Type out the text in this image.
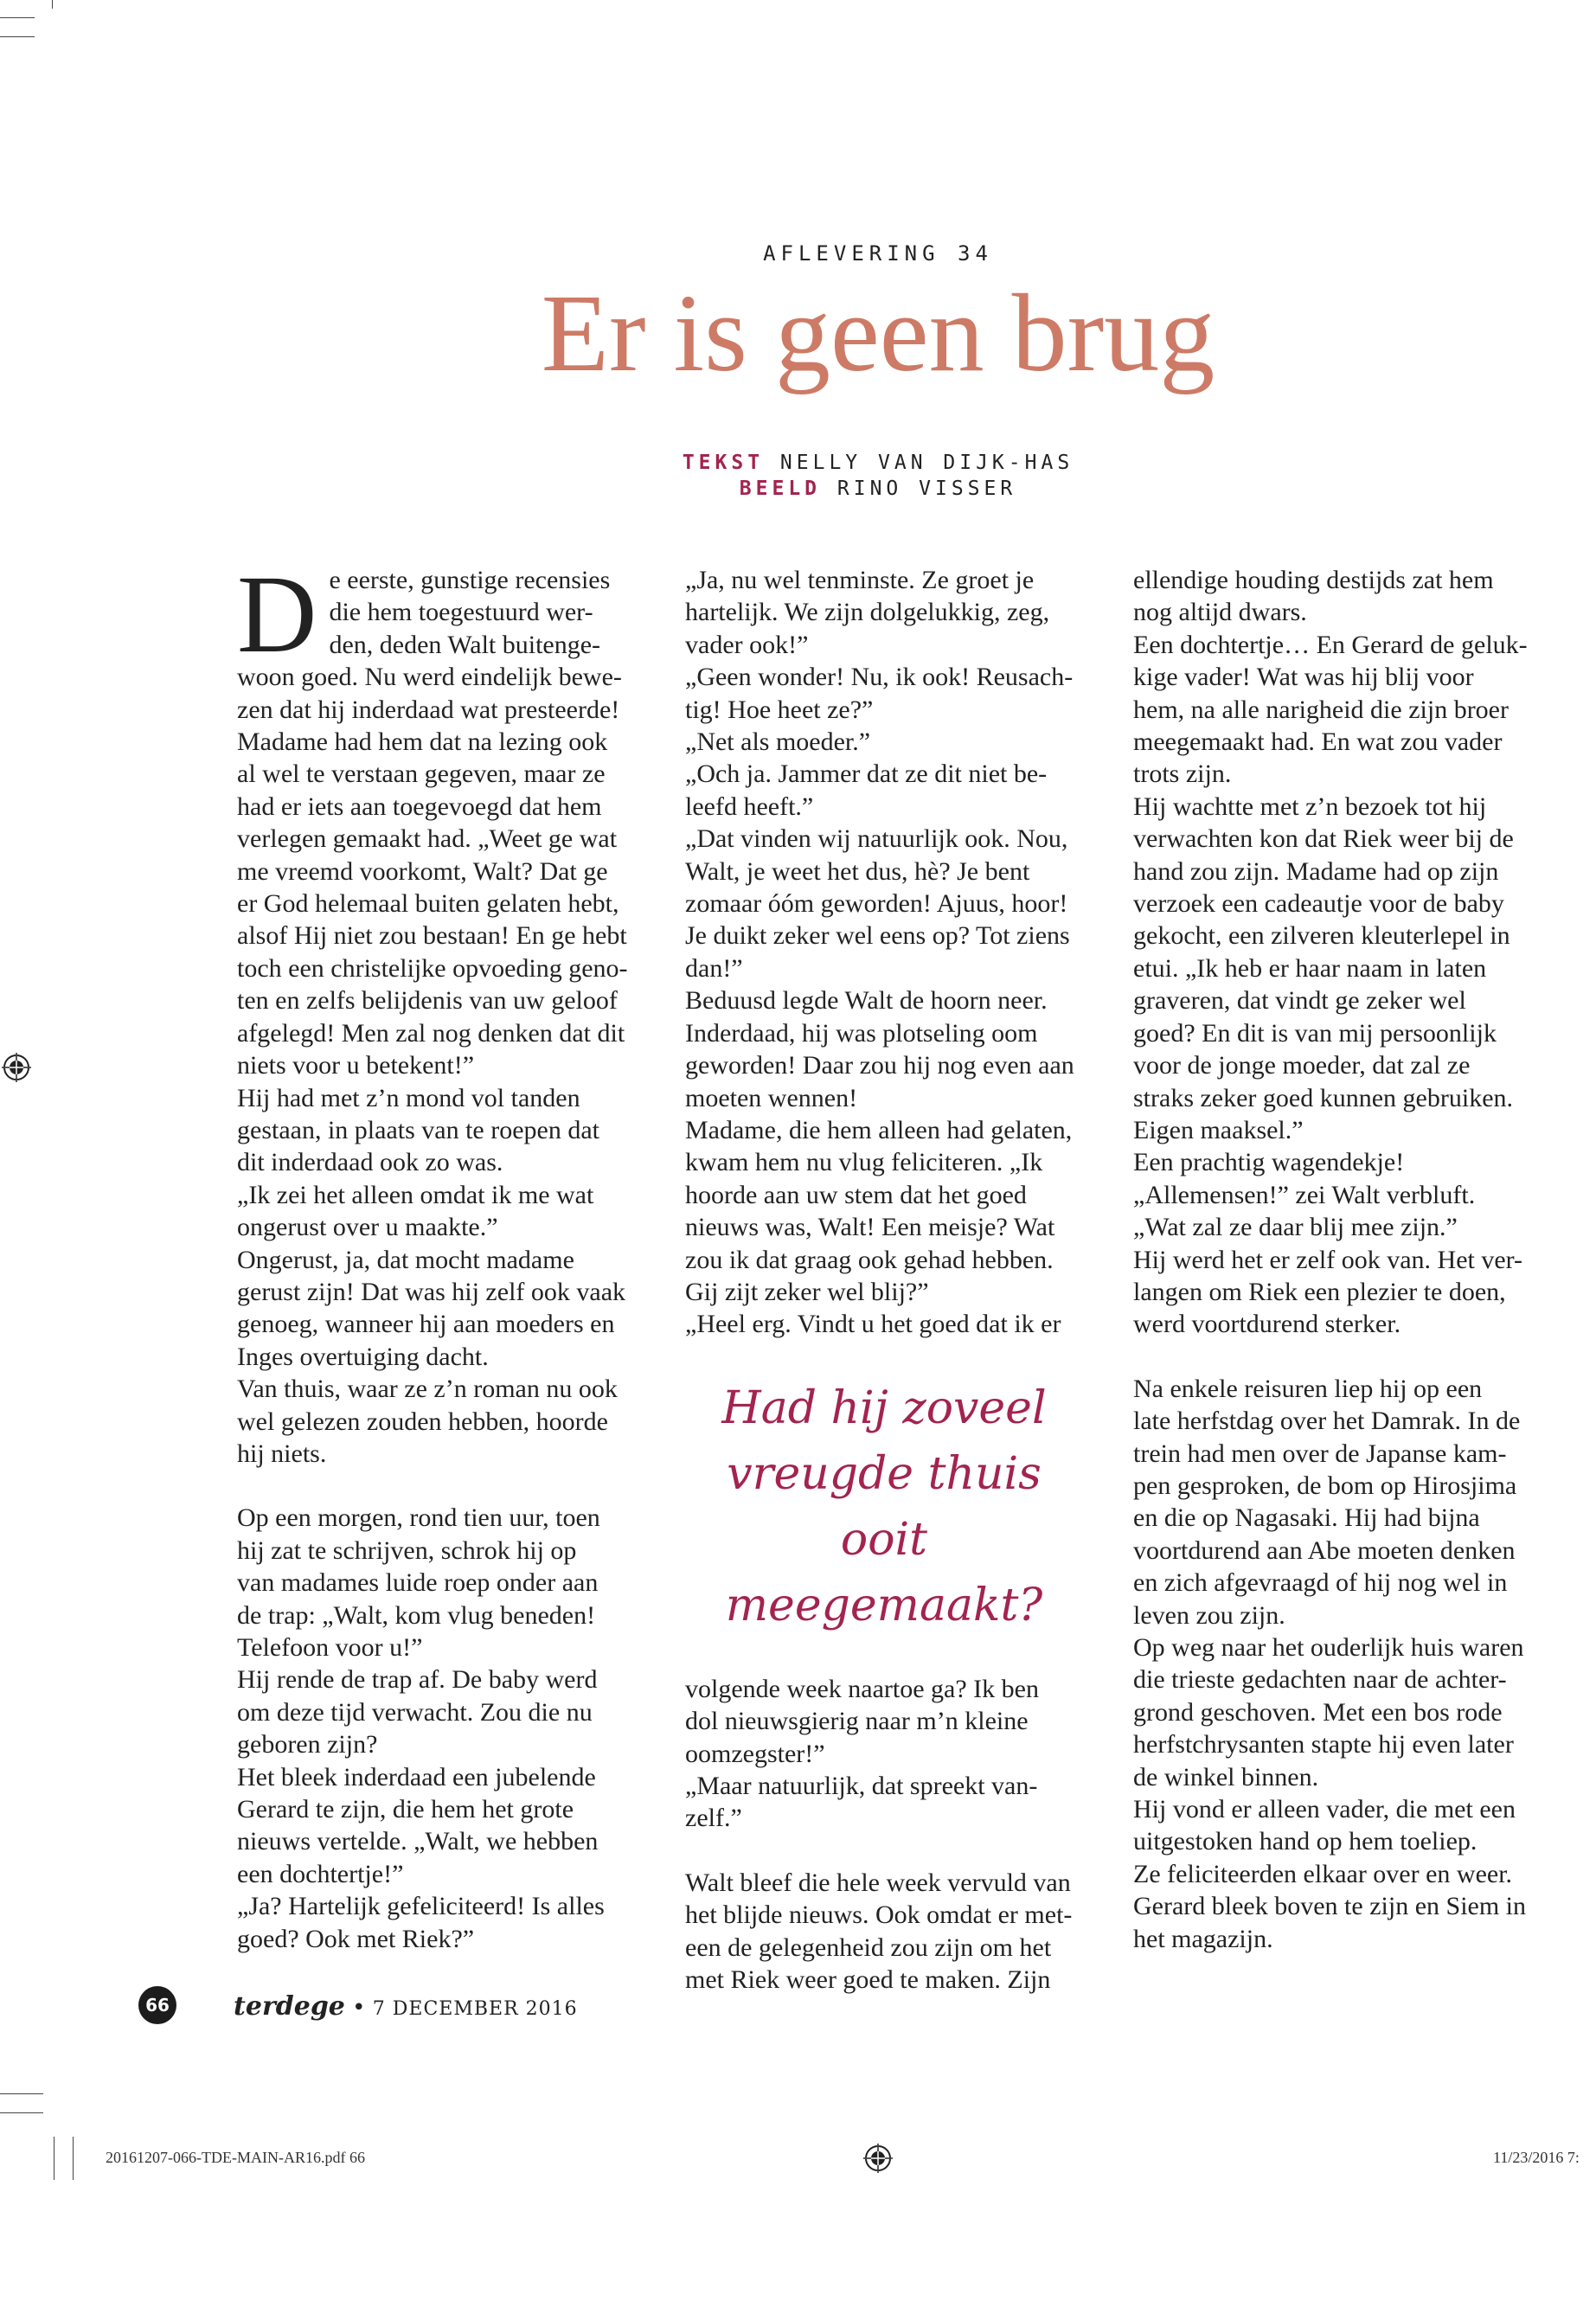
AFLEVERING 34
Er is geen brug
TEKST NELLY VAN DIJK-HAS
BEELD RINO VISSER
D e eerste, gunstige recensies

die hem toegestuurd wer-

den, deden Walt buitenge-

woon goed. Nu werd eindelijk bewe-

zen dat hij inderdaad wat presteerde!

Madame had hem dat na lezing ook

al wel te verstaan gegeven, maar ze

had er iets aan toegevoegd dat hem

verlegen gemaakt had. „Weet ge wat

me vreemd voorkomt, Walt? Dat ge

er God helemaal buiten gelaten hebt,

alsof Hij niet zou bestaan! En ge hebt

toch een christelijke opvoeding geno-

ten en zelfs belijdenis van uw geloof

afgelegd! Men zal nog denken dat dit

niets voor u betekent!”

Hij had met z’n mond vol tanden

gestaan, in plaats van te roepen dat

dit inderdaad ook zo was.

„Ik zei het alleen omdat ik me wat

ongerust over u maakte.”

Ongerust, ja, dat mocht madame

gerust zijn! Dat was hij zelf ook vaak

genoeg, wanneer hij aan moeders en

Inges overtuiging dacht.

Van thuis, waar ze z’n roman nu ook

wel gelezen zouden hebben, hoorde

hij niets.

Op een morgen, rond tien uur, toen

hij zat te schrijven, schrok hij op

van madames luide roep onder aan

de trap: „Walt, kom vlug beneden!

Telefoon voor u!”

Hij rende de trap af. De baby werd

om deze tijd verwacht. Zou die nu

geboren zijn?

Het bleek inderdaad een jubelende

Gerard te zijn, die hem het grote

nieuws vertelde. „Walt, we hebben

een dochtertje!”

„Ja? Hartelijk gefeliciteerd! Is alles

goed? Ook met Riek?”

„Ja, nu wel tenminste. Ze groet je

hartelijk. We zijn dolgelukkig, zeg,

vader ook!”

„Geen wonder! Nu, ik ook! Reusach-

tig! Hoe heet ze?”

„Net als moeder.”

„Och ja. Jammer dat ze dit niet be-

leefd heeft.”

„Dat vinden wij natuurlijk ook. Nou,

Walt, je weet het dus, hè? Je bent

zomaar óóm geworden! Ajuus, hoor!

Je duikt zeker wel eens op? Tot ziens

dan!”

Beduusd legde Walt de hoorn neer.

Inderdaad, hij was plotseling oom

geworden! Daar zou hij nog even aan

moeten wennen!

Madame, die hem alleen had gelaten,

kwam hem nu vlug feliciteren. „Ik

hoorde aan uw stem dat het goed

nieuws was, Walt! Een meisje? Wat

zou ik dat graag ook gehad hebben.

Gij zijt zeker wel blij?”

„Heel erg. Vindt u het goed dat ik er

Had hij zoveel

vreugde thuis ooit

meegemaakt?

volgende week naartoe ga? Ik ben

dol nieuwsgierig naar m’n kleine

oomzegster!”

„Maar natuurlijk, dat spreekt van-

zelf.”

Walt bleef die hele week vervuld van

het blijde nieuws. Ook omdat er met-

een de gelegenheid zou zijn om het

met Riek weer goed te maken. Zijn

ellendige houding destijds zat hem

nog altijd dwars.

Een dochtertje… En Gerard de geluk-

kige vader! Wat was hij blij voor

hem, na alle narigheid die zijn broer

meegemaakt had. En wat zou vader

trots zijn.

Hij wachtte met z’n bezoek tot hij

verwachten kon dat Riek weer bij de

hand zou zijn. Madame had op zijn

verzoek een cadeautje voor de baby

gekocht, een zilveren kleuterlepel in

etui. „Ik heb er haar naam in laten

graveren, dat vindt ge zeker wel

goed? En dit is van mij persoonlijk

voor de jonge moeder, dat zal ze

straks zeker goed kunnen gebruiken.

Eigen maaksel.”

Een prachtig wagendekje!

„Allemensen!” zei Walt verbluft.

„Wat zal ze daar blij mee zijn.”

Hij werd het er zelf ook van. Het ver-

langen om Riek een plezier te doen,

werd voortdurend sterker.

Na enkele reisuren liep hij op een

late herfstdag over het Damrak. In de

trein had men over de Japanse kam-

pen gesproken, de bom op Hirosjima

en die op Nagasaki. Hij had bijna

voortdurend aan Abe moeten denken

en zich afgevraagd of hij nog wel in

leven zou zijn.

Op weg naar het ouderlijk huis waren

die trieste gedachten naar de achter-

grond geschoven. Met een bos rode

herfstchrysanten stapte hij even later

de winkel binnen.

Hij vond er alleen vader, die met een

uitgestoken hand op hem toeliep.

Ze feliciteerden elkaar over en weer.

Gerard bleek boven te zijn en Siem in

het magazijn.

66 terdege • 7 DECEMBER 2016
20161207-066-TDE-MAIN-AR16.pdf 66	11/23/2016 7:
